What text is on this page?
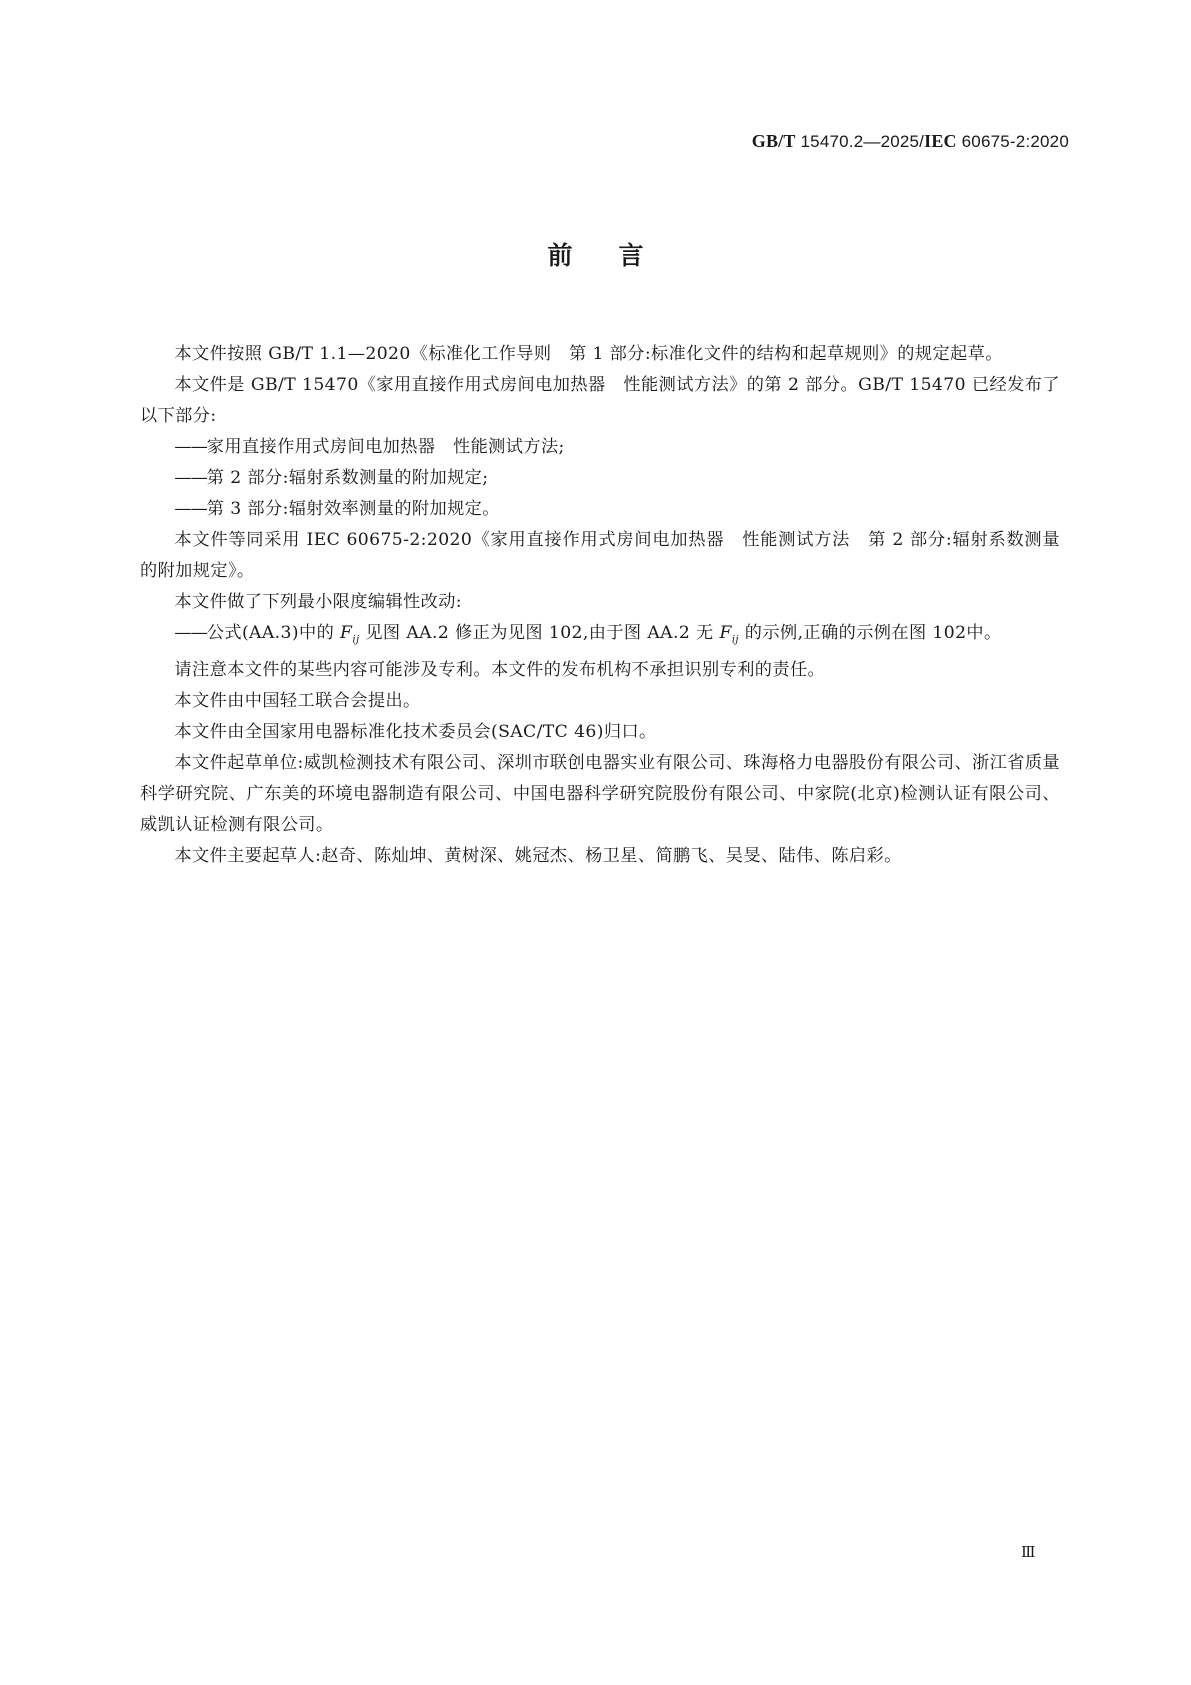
GB/T 15470.2—2025/IEC 60675-2:2020
前言

本文件按照 GB/T 1.1—2020《标准化工作导则　第 1 部分:标准化文件的结构和起草规则》的规定起草。

本文件是 GB/T 15470《家用直接作用式房间电加热器　性能测试方法》的第 2 部分。GB/T 15470 已经发布了以下部分:

——家用直接作用式房间电加热器　性能测试方法;

——第 2 部分:辐射系数测量的附加规定;

——第 3 部分:辐射效率测量的附加规定。

本文件等同采用 IEC 60675-2:2020《家用直接作用式房间电加热器　性能测试方法　第 2 部分:辐射系数测量的附加规定》。

本文件做了下列最小限度编辑性改动:

——公式(AA.3)中的 $F_{ij}$ 见图 AA.2 修正为见图 102,由于图 AA.2 无 $F_{ij}$ 的示例,正确的示例在图 102中。

请注意本文件的某些内容可能涉及专利。本文件的发布机构不承担识别专利的责任。

本文件由中国轻工联合会提出。

本文件由全国家用电器标准化技术委员会(SAC/TC 46)归口。

本文件起草单位:威凯检测技术有限公司、深圳市联创电器实业有限公司、珠海格力电器股份有限公司、浙江省质量科学研究院、广东美的环境电器制造有限公司、中国电器科学研究院股份有限公司、中家院(北京)检测认证有限公司、威凯认证检测有限公司。

本文件主要起草人:赵奇、陈灿坤、黄树深、姚冠杰、杨卫星、简鹏飞、吴旻、陆伟、陈启彩。

Ⅲ
